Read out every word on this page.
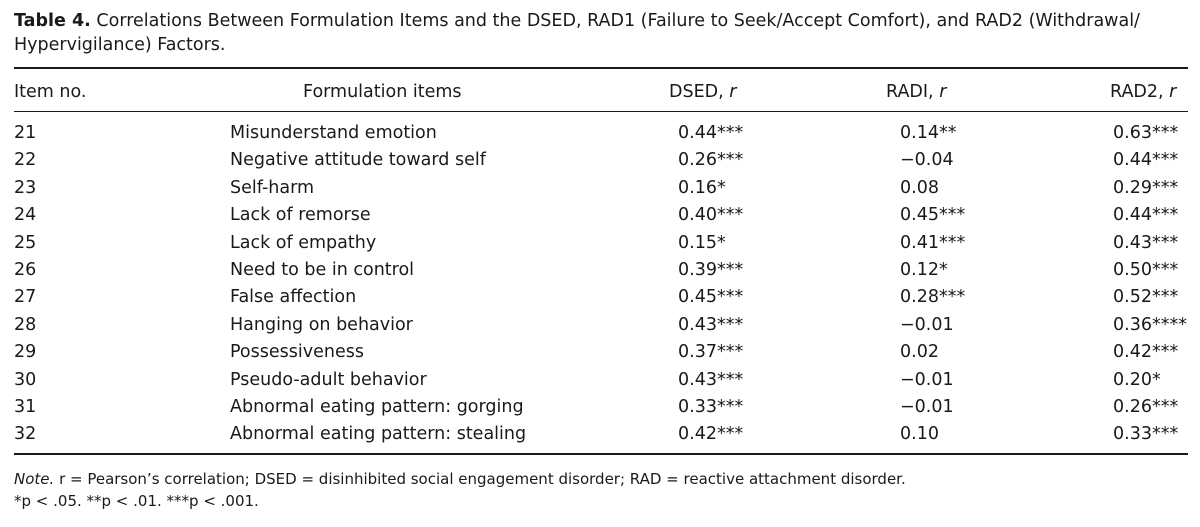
Table 4. Correlations Between Formulation Items and the DSED, RAD1 (Failure to Seek/Accept Comfort), and RAD2 (Withdrawal/ Hypervigilance) Factors.
Item no.	Formulation items	DSED, r	RADI, r	RAD2, r
21	Misunderstand emotion	0.44***	0.14**	0.63***
22	Negative attitude toward self	0.26***	−0.04	0.44***
23	Self-harm	0.16*	0.08	0.29***
24	Lack of remorse	0.40***	0.45***	0.44***
25	Lack of empathy	0.15*	0.41***	0.43***
26	Need to be in control	0.39***	0.12*	0.50***
27	False affection	0.45***	0.28***	0.52***
28	Hanging on behavior	0.43***	−0.01	0.36****
29	Possessiveness	0.37***	0.02	0.42***
30	Pseudo-adult behavior	0.43***	−0.01	0.20*
31	Abnormal eating pattern: gorging	0.33***	−0.01	0.26***
32	Abnormal eating pattern: stealing	0.42***	0.10	0.33***
Note. r = Pearson’s correlation; DSED = disinhibited social engagement disorder; RAD = reactive attachment disorder.
*p < .05. **p < .01. ***p < .001.
